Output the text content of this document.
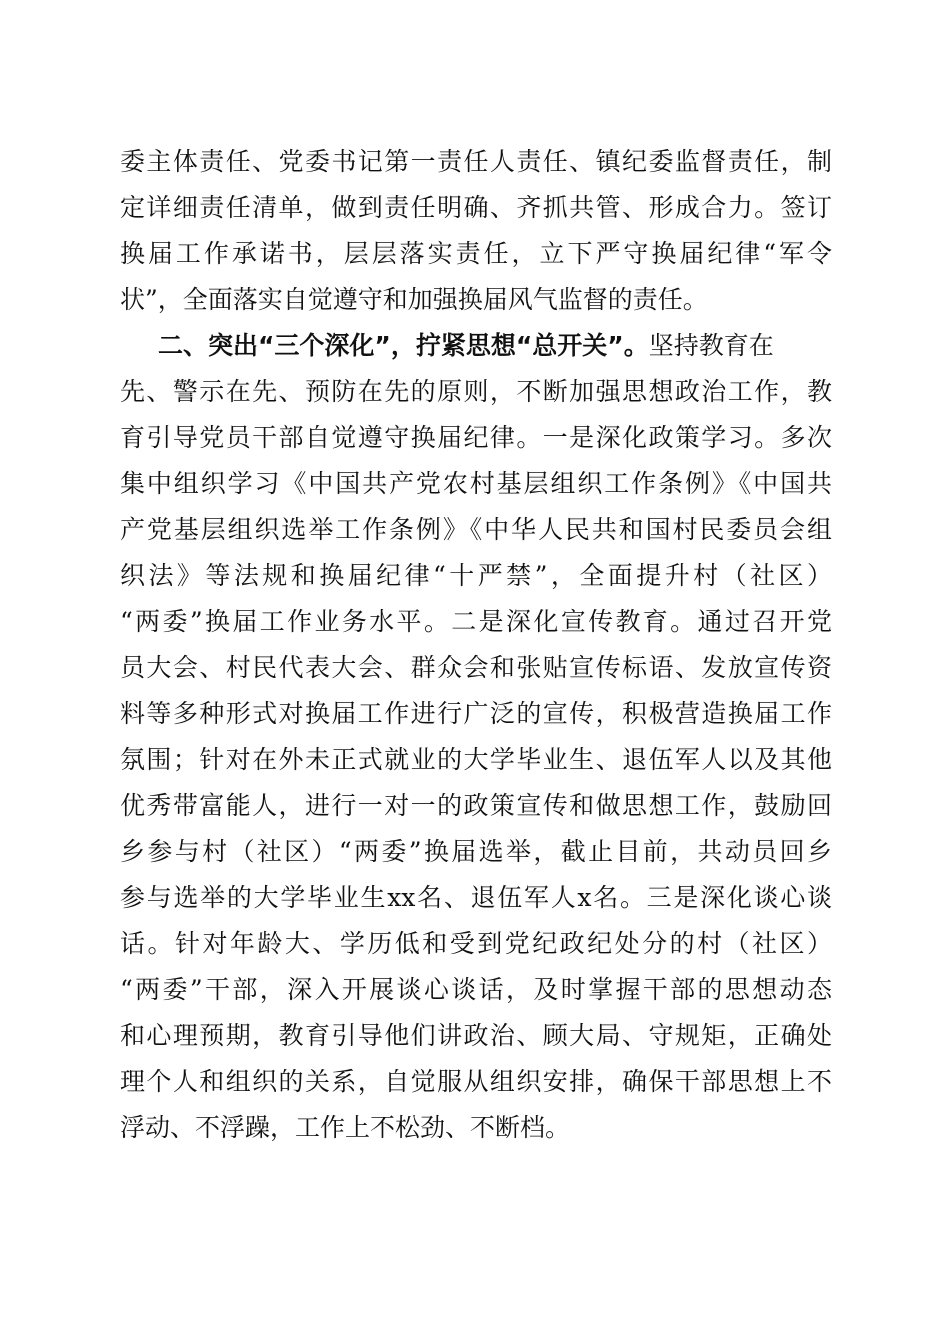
委主体责任、党委书记第一责任人责任、镇纪委监督责任，制
定详细责任清单，做到责任明确、齐抓共管、形成合力。签订
换届工作承诺书，层层落实责任，立下严守换届纪律“军令
状”，全面落实自觉遵守和加强换届风气监督的责任。
二、突出“三个深化”，拧紧思想“总开关”。坚持教育在
先、警示在先、预防在先的原则，不断加强思想政治工作，教
育引导党员干部自觉遵守换届纪律。一是深化政策学习。多次
集中组织学习《中国共产党农村基层组织工作条例》《中国共
产党基层组织选举工作条例》《中华人民共和国村民委员会组
织法》等法规和换届纪律“十严禁”，全面提升村（社区）
“两委”换届工作业务水平。二是深化宣传教育。通过召开党
员大会、村民代表大会、群众会和张贴宣传标语、发放宣传资
料等多种形式对换届工作进行广泛的宣传，积极营造换届工作
氛围；针对在外未正式就业的大学毕业生、退伍军人以及其他
优秀带富能人，进行一对一的政策宣传和做思想工作，鼓励回
乡参与村（社区）“两委”换届选举，截止目前，共动员回乡
参与选举的大学毕业生xx名、退伍军人x名。三是深化谈心谈
话。针对年龄大、学历低和受到党纪政纪处分的村（社区）
“两委”干部，深入开展谈心谈话，及时掌握干部的思想动态
和心理预期，教育引导他们讲政治、顾大局、守规矩，正确处
理个人和组织的关系，自觉服从组织安排，确保干部思想上不
浮动、不浮躁，工作上不松劲、不断档。
